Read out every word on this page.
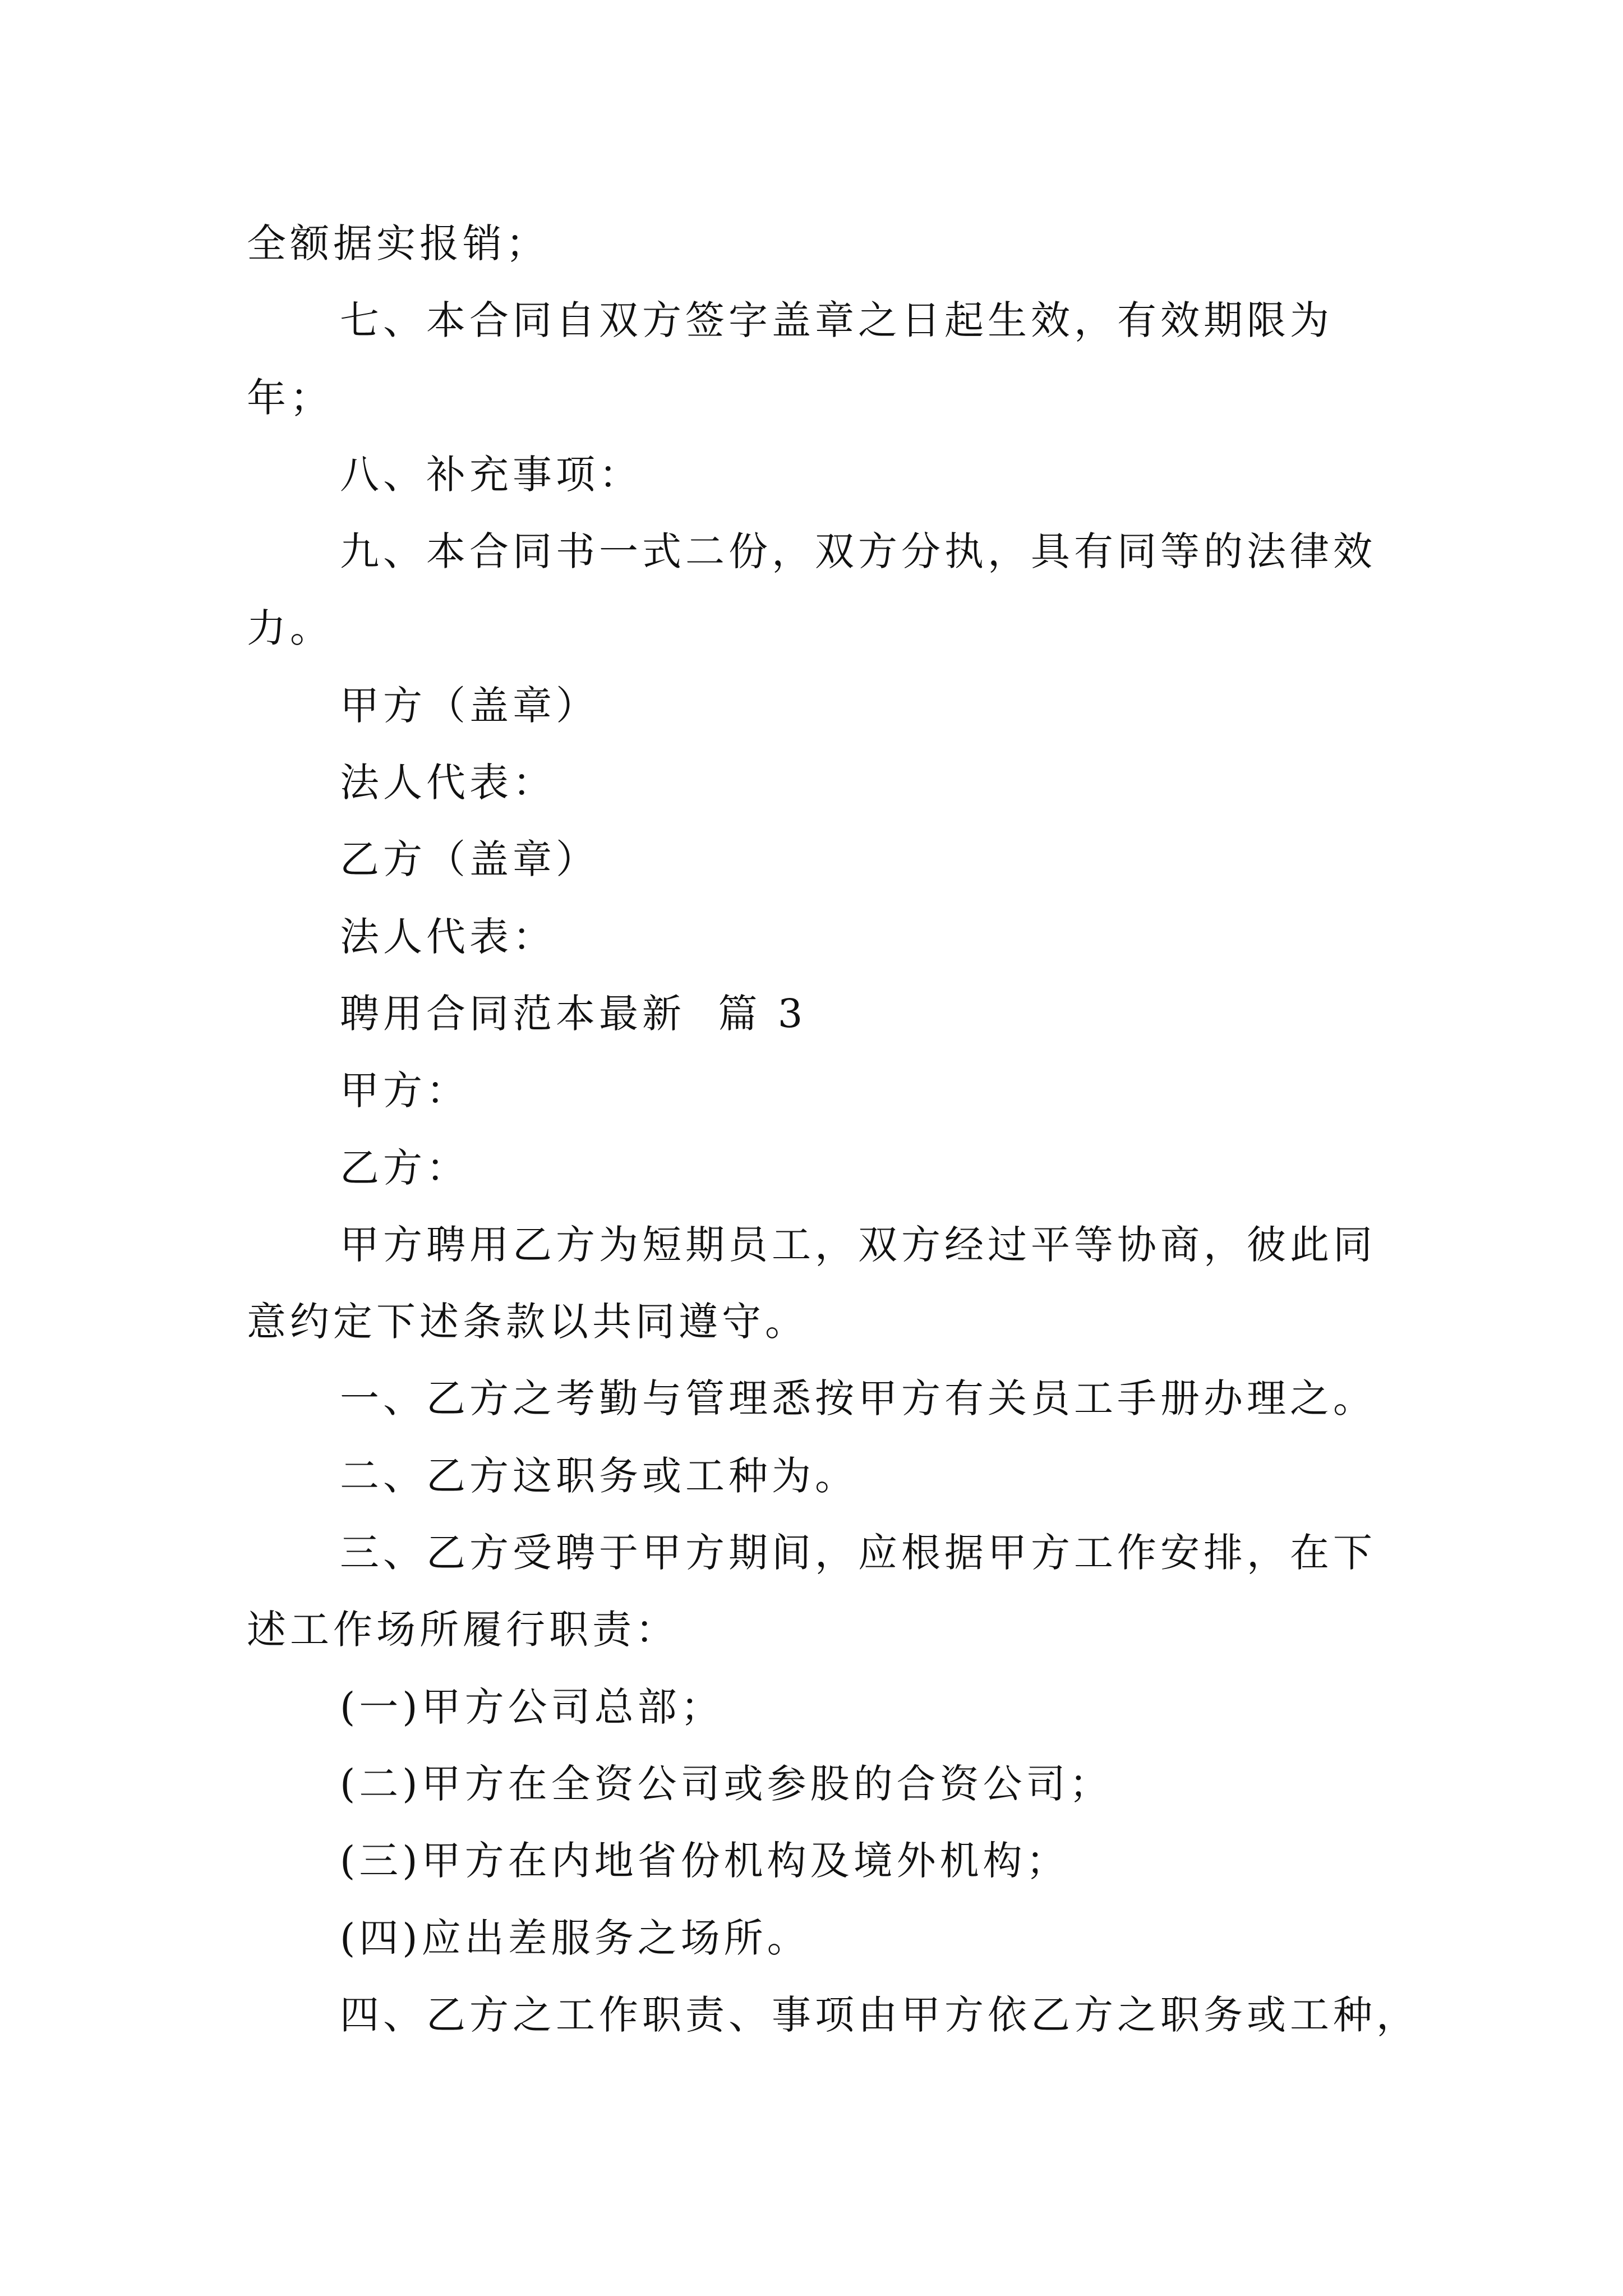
全额据实报销；
七、本合同自双方签字盖章之日起生效，有效期限为
年；
八、补充事项：
九、本合同书一式二份，双方分执，具有同等的法律效
力。
甲方（盖章）
法人代表：
乙方（盖章）
法人代表：
聘用合同范本最新  篇 3
甲方：
乙方：
甲方聘用乙方为短期员工，双方经过平等协商，彼此同
意约定下述条款以共同遵守。
一、乙方之考勤与管理悉按甲方有关员工手册办理之。
二、乙方这职务或工种为。
三、乙方受聘于甲方期间，应根据甲方工作安排，在下
述工作场所履行职责：
(一)甲方公司总部；
(二)甲方在全资公司或参股的合资公司；
(三)甲方在内地省份机构及境外机构；
(四)应出差服务之场所。
四、乙方之工作职责、事项由甲方依乙方之职务或工种，
